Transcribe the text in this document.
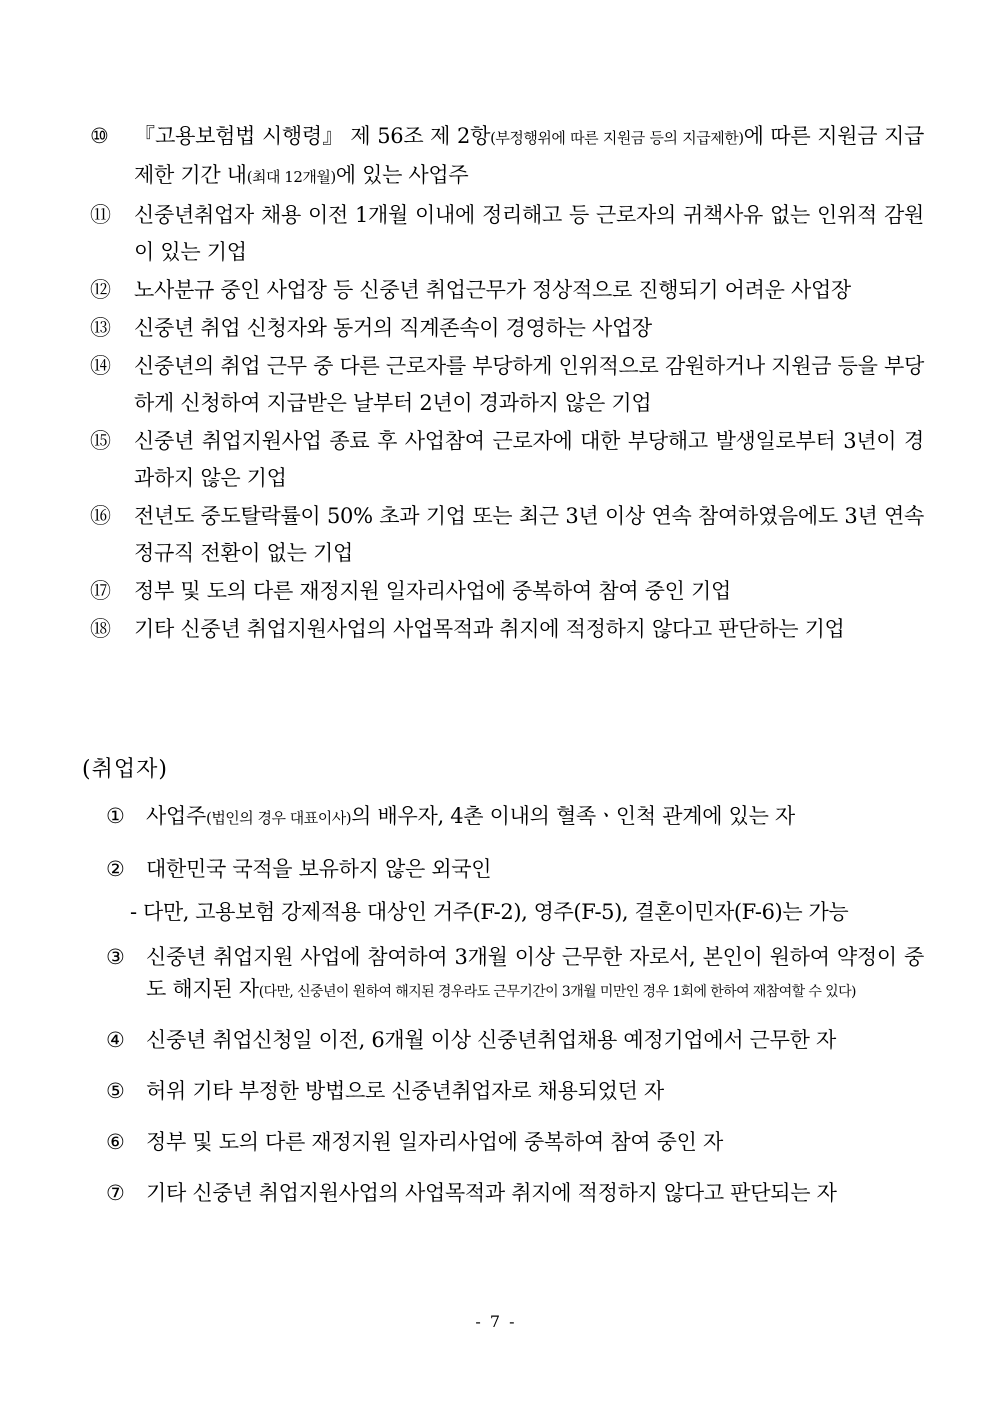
⑩	『고용보험법 시행령』 제 56조 제 2항(부정행위에 따른 지원금 등의 지급제한)에 따른 지원금 지급제한 기간 내(최대 12개월)에 있는 사업주
⑪	신중년취업자 채용 이전 1개월 이내에 정리해고 등 근로자의 귀책사유 없는 인위적 감원이 있는 기업
⑫	노사분규 중인 사업장 등 신중년 취업근무가 정상적으로 진행되기 어려운 사업장
⑬	신중년 취업 신청자와 동거의 직계존속이 경영하는 사업장
⑭	신중년의 취업 근무 중 다른 근로자를 부당하게 인위적으로 감원하거나 지원금 등을 부당하게 신청하여 지급받은 날부터 2년이 경과하지 않은 기업
⑮	신중년 취업지원사업 종료 후 사업참여 근로자에 대한 부당해고 발생일로부터 3년이 경과하지 않은 기업
⑯	전년도 중도탈락률이 50% 초과 기업 또는 최근 3년 이상 연속 참여하였음에도 3년 연속 정규직 전환이 없는 기업
⑰	정부 및 도의 다른 재정지원 일자리사업에 중복하여 참여 중인 기업
⑱	기타 신중년 취업지원사업의 사업목적과 취지에 적정하지 않다고 판단하는 기업
(취업자)
①	사업주(법인의 경우 대표이사)의 배우자, 4촌 이내의 혈족ㆍ인척 관계에 있는 자
②	대한민국 국적을 보유하지 않은 외국인
- 다만, 고용보험 강제적용 대상인 거주(F-2), 영주(F-5), 결혼이민자(F-6)는 가능
③	신중년 취업지원 사업에 참여하여 3개월 이상 근무한 자로서, 본인이 원하여 약정이 중도 해지된 자(다만, 신중년이 원하여 해지된 경우라도 근무기간이 3개월 미만인 경우 1회에 한하여 재참여할 수 있다)
④	신중년 취업신청일 이전, 6개월 이상 신중년취업채용 예정기업에서 근무한 자
⑤	허위 기타 부정한 방법으로 신중년취업자로 채용되었던 자
⑥	정부 및 도의 다른 재정지원 일자리사업에 중복하여 참여 중인 자
⑦	기타 신중년 취업지원사업의 사업목적과 취지에 적정하지 않다고 판단되는 자
- 7 -
